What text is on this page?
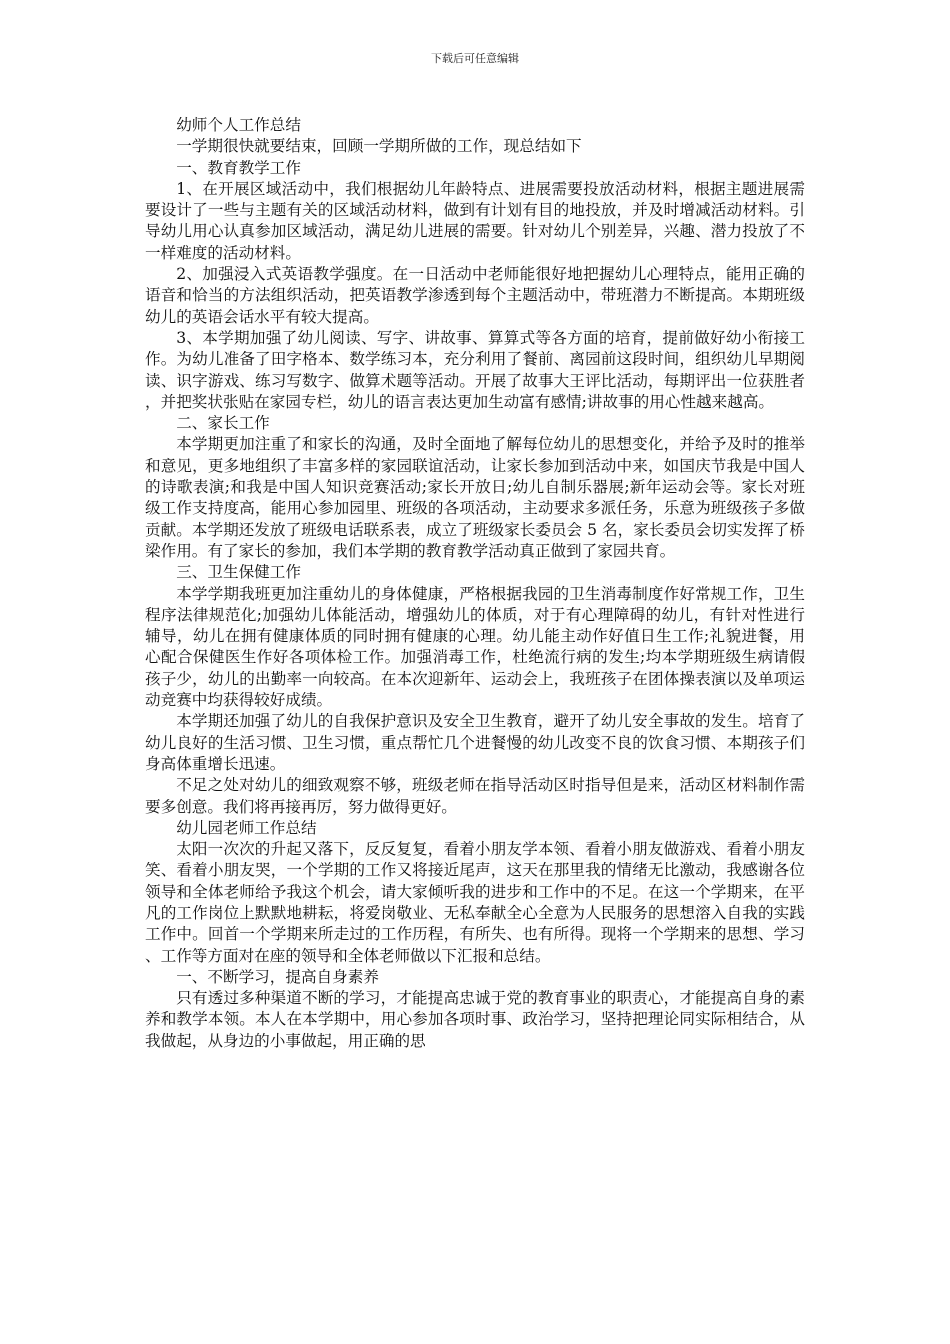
下载后可任意编辑

幼师个人工作总结

一学期很快就要结束，回顾一学期所做的工作，现总结如下

一、教育教学工作

1、在开展区域活动中，我们根据幼儿年龄特点、进展需要投放活动材料，根据主题进展需要设计了一些与主题有关的区域活动材料，做到有计划有目的地投放，并及时增减活动材料。引导幼儿用心认真参加区域活动，满足幼儿进展的需要。针对幼儿个别差异，兴趣、潜力投放了不一样难度的活动材料。

2、加强浸入式英语教学强度。在一日活动中老师能很好地把握幼儿心理特点，能用正确的语音和恰当的方法组织活动，把英语教学渗透到每个主题活动中，带班潜力不断提高。本期班级幼儿的英语会话水平有较大提高。

3、本学期加强了幼儿阅读、写字、讲故事、算算式等各方面的培育，提前做好幼小衔接工作。为幼儿准备了田字格本、数学练习本，充分利用了餐前、离园前这段时间，组织幼儿早期阅读、识字游戏、练习写数字、做算术题等活动。开展了故事大王评比活动，每期评出一位获胜者，并把奖状张贴在家园专栏，幼儿的语言表达更加生动富有感情;讲故事的用心性越来越高。

二、家长工作

本学期更加注重了和家长的沟通，及时全面地了解每位幼儿的思想变化，并给予及时的推举和意见，更多地组织了丰富多样的家园联谊活动，让家长参加到活动中来，如国庆节我是中国人的诗歌表演;和我是中国人知识竞赛活动;家长开放日;幼儿自制乐器展;新年运动会等。家长对班级工作支持度高，能用心参加园里、班级的各项活动，主动要求多派任务，乐意为班级孩子多做贡献。本学期还发放了班级电话联系表，成立了班级家长委员会 5 名，家长委员会切实发挥了桥梁作用。有了家长的参加，我们本学期的教育教学活动真正做到了家园共育。

三、卫生保健工作

本学学期我班更加注重幼儿的身体健康，严格根据我园的卫生消毒制度作好常规工作，卫生程序法律规范化;加强幼儿体能活动，增强幼儿的体质，对于有心理障碍的幼儿，有针对性进行辅导，幼儿在拥有健康体质的同时拥有健康的心理。幼儿能主动作好值日生工作;礼貌进餐，用心配合保健医生作好各项体检工作。加强消毒工作，杜绝流行病的发生;均本学期班级生病请假孩子少，幼儿的出勤率一向较高。在本次迎新年、运动会上，我班孩子在团体操表演以及单项运动竞赛中均获得较好成绩。

本学期还加强了幼儿的自我保护意识及安全卫生教育，避开了幼儿安全事故的发生。培育了幼儿良好的生活习惯、卫生习惯，重点帮忙几个进餐慢的幼儿改变不良的饮食习惯、本期孩子们身高体重增长迅速。

不足之处对幼儿的细致观察不够，班级老师在指导活动区时指导但是来，活动区材料制作需要多创意。我们将再接再厉，努力做得更好。

幼儿园老师工作总结

太阳一次次的升起又落下，反反复复，看着小朋友学本领、看着小朋友做游戏、看着小朋友笑、看着小朋友哭，一个学期的工作又将接近尾声，这天在那里我的情绪无比激动，我感谢各位领导和全体老师给予我这个机会，请大家倾听我的进步和工作中的不足。在这一个学期来，在平凡的工作岗位上默默地耕耘，将爱岗敬业、无私奉献全心全意为人民服务的思想溶入自我的实践工作中。回首一个学期来所走过的工作历程，有所失、也有所得。现将一个学期来的思想、学习、工作等方面对在座的领导和全体老师做以下汇报和总结。

一、不断学习，提高自身素养

只有透过多种渠道不断的学习，才能提高忠诚于党的教育事业的职责心，才能提高自身的素养和教学本领。本人在本学期中，用心参加各项时事、政治学习，坚持把理论同实际相结合，从我做起，从身边的小事做起，用正确的思
